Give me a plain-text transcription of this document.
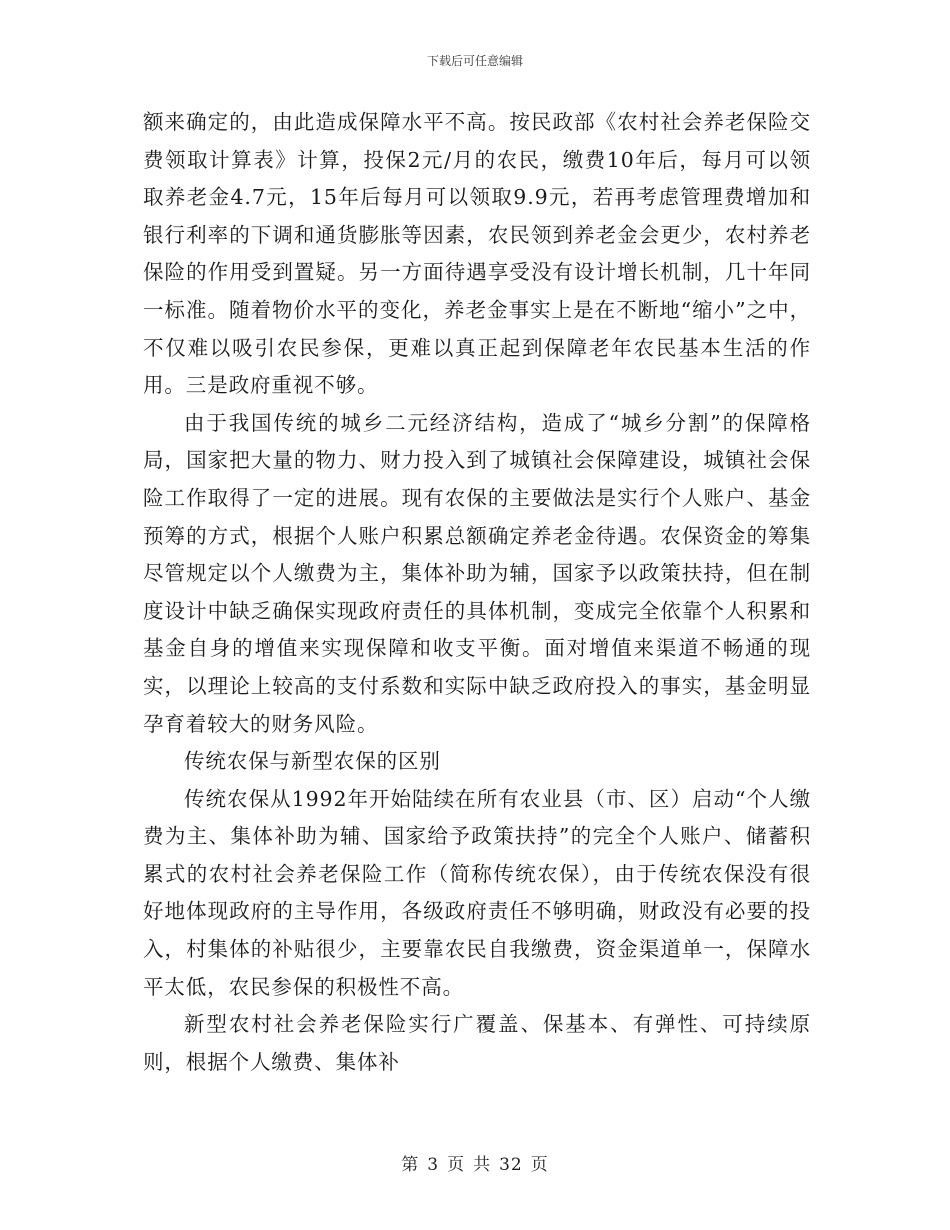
下载后可任意编辑

额来确定的，由此造成保障水平不高。按民政部《农村社会养老保险交费领取计算表》计算，投保2元/月的农民，缴费10年后，每月可以领取养老金4.7元，15年后每月可以领取9.9元，若再考虑管理费增加和银行利率的下调和通货膨胀等因素，农民领到养老金会更少，农村养老保险的作用受到置疑。另一方面待遇享受没有设计增长机制，几十年同一标准。随着物价水平的变化，养老金事实上是在不断地“缩小”之中，不仅难以吸引农民参保，更难以真正起到保障老年农民基本生活的作用。三是政府重视不够。

由于我国传统的城乡二元经济结构，造成了“城乡分割”的保障格局，国家把大量的物力、财力投入到了城镇社会保障建设，城镇社会保险工作取得了一定的进展。现有农保的主要做法是实行个人账户、基金预筹的方式，根据个人账户积累总额确定养老金待遇。农保资金的筹集尽管规定以个人缴费为主，集体补助为辅，国家予以政策扶持，但在制度设计中缺乏确保实现政府责任的具体机制，变成完全依靠个人积累和基金自身的增值来实现保障和收支平衡。面对增值来渠道不畅通的现实，以理论上较高的支付系数和实际中缺乏政府投入的事实，基金明显孕育着较大的财务风险。

传统农保与新型农保的区别

传统农保从1992年开始陆续在所有农业县（市、区）启动“个人缴费为主、集体补助为辅、国家给予政策扶持”的完全个人账户、储蓄积累式的农村社会养老保险工作（简称传统农保），由于传统农保没有很好地体现政府的主导作用，各级政府责任不够明确，财政没有必要的投入，村集体的补贴很少，主要靠农民自我缴费，资金渠道单一，保障水平太低，农民参保的积极性不高。

新型农村社会养老保险实行广覆盖、保基本、有弹性、可持续原则，根据个人缴费、集体补

第 3 页 共 32 页
